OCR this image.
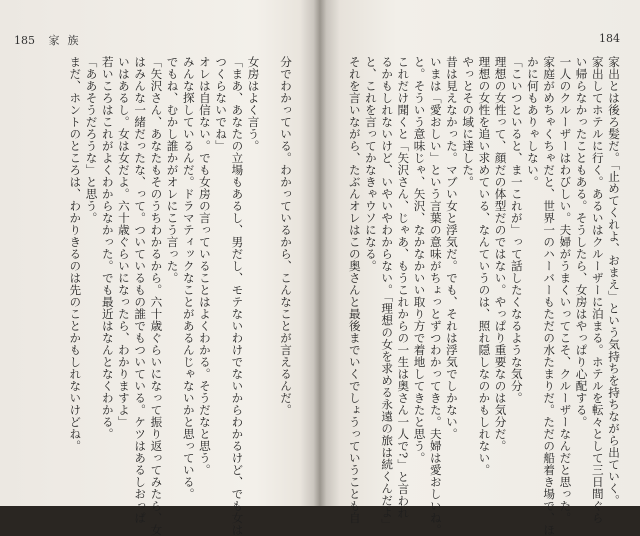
185 家族	184
分でわかっている。わかっているから、こんなことが言えるんだ。

女房はよく言う。
「まあ、あなたの立場もあるし、男だし、モテないわけでないからわかるけど、でも女は
つくらないでね」
オレは自信ない。でも女房の言っていることはよくわかる。そうだなと思う。
みんな探しているんだ。ドラマティックなことがあるんじゃないかと思っている。
でもね、むかし誰かがオレにこう言った。
「矢沢さん、あなたもそのうちわかるから。六十歳ぐらいになって振り返ってみたら、女
はみんな一緒だったな、って。ついているもの誰でもついている。ケツはあるしおっぱ
いはあるし。女は女だよ。六十歳ぐらいになったら、わかりますよ」
若いころはこれがよくわからなかった。でも最近はなんとなくわかる。
「ああそうだろうな」と思う。
まだ、ホントのところは、わかりきるのは先のことかもしれないけどね。	家出とは後ろ髪だ。「止めてくれよ、おまえ」という気持ちを持ちながら出ていく。
家出してホテルに行く。あるいはクルーザーに泊まる。ホテルを転々として三日間ぐら
い帰らなかったこともある。そうしたら、女房はやっぱり心配する。
一人のクルーザーはわびしい。夫婦がうまくいってこそ、クルーザーなんだと思った。
家庭がめちゃくちゃだと、世界一のハーバーもただの水たまりだ。ただの船着き場で、ほ
かに何もありゃしない。
「こいつといると、ま一これが」って話したくなるような気分。
理想の女性って、顔だの体型だのではない。やっぱり重要なのは気分だ。
理想の女性を追い求めている、なんていうのは、照れ隠しなのかもしれない。
やっとその域に達した。
昔は見えなかった。マブい女と浮気だ。でも、それは浮気でしかない。
いまは「愛おしい」という言葉の意味がちょっとずつわかってきた。夫婦は愛おしいね。
と。そういう意味じゃ、矢沢、なかなかいい取り方で着地してきたと思う。
これだけ聞くと「矢沢さん、じゃあ、もうこれからの一生は奥さん一人で?」と言われ
るかもしれないけど、いやいやわからない。「理想の女を求める永遠の旅は続くんだよ」
と、これを言ってかなきゃウソになる。
それを言いながら、たぶんオレはこの奥さんと最後までいくでしょうっていうことも自
